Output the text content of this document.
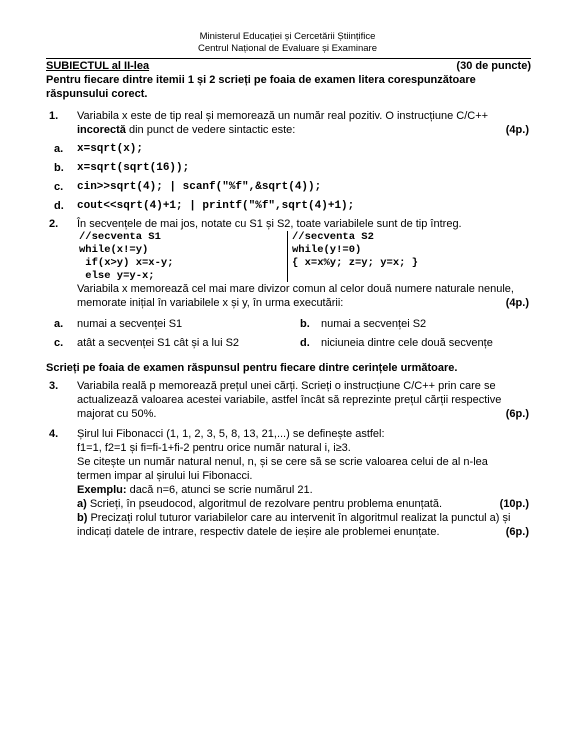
Ministerul Educației și Cercetării Științifice
Centrul Național de Evaluare și Examinare
SUBIECTUL al II-lea	(30 de puncte)
Pentru fiecare dintre itemii 1 și 2 scrieți pe foaia de examen litera corespunzătoare răspunsului corect.
1. Variabila x este de tip real și memorează un număr real pozitiv. O instrucțiune C/C++
incorectă din punct de vedere sintactic este:	(4p.)
a. x=sqrt(x);
b. x=sqrt(sqrt(16));
c. cin>>sqrt(4); | scanf("%f",&sqrt(4));
d. cout<<sqrt(4)+1; | printf("%f",sqrt(4)+1);
2. În secvențele de mai jos, notate cu S1 și S2, toate variabilele sunt de tip întreg.
//secventa S1
while(x!=y)
if(x>y) x=x-y;
else y=y-x;
//secventa S2
while(y!=0)
{ x=x%y; z=y; y=x; }
Variabila x memorează cel mai mare divizor comun al celor două numere naturale nenule,
memorate inițial în variabilele x și y, în urma executării:	(4p.)
a. numai a secvenței S1	b. numai a secvenței S2
c. atât a secvenței S1 cât și a lui S2	d. niciuneia dintre cele două secvențe
Scrieți pe foaia de examen răspunsul pentru fiecare dintre cerințele următoare.
3. Variabila reală p memorează prețul unei cărți. Scrieți o instrucțiune C/C++ prin care se
actualizează valoarea acestei variabile, astfel încât să reprezinte prețul cărții respective
majorat cu 50%.	(6p.)
4. Șirul lui Fibonacci (1, 1, 2, 3, 5, 8, 13, 21,...) se definește astfel:
f1=1, f2=1 și fi=fi-1+fi-2 pentru orice număr natural i, i≥3.
Se citește un număr natural nenul, n, și se cere să se scrie valoarea celui de al n-lea
termen impar al șirului lui Fibonacci.
Exemplu: dacă n=6, atunci se scrie numărul 21.
a) Scrieți, în pseudocod, algoritmul de rezolvare pentru problema enunțată.	(10p.)
b) Precizați rolul tuturor variabilelor care au intervenit în algoritmul realizat la punctul a) și
indicați datele de intrare, respectiv datele de ieșire ale problemei enunțate.	(6p.)
